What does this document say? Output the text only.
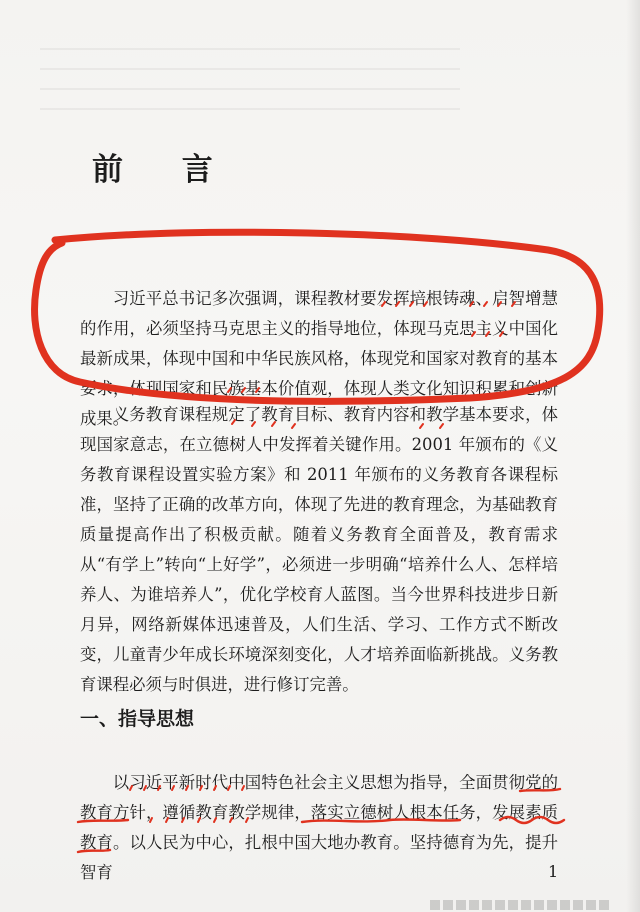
前 言

习近平总书记多次强调，课程教材要发挥培根铸魂、启智增慧的作用，必须坚持马克思主义的指导地位，体现马克思主义中国化最新成果，体现中国和中华民族风格，体现党和国家对教育的基本要求，体现国家和民族基本价值观，体现人类文化知识积累和创新成果。

义务教育课程规定了教育目标、教育内容和教学基本要求，体现国家意志，在立德树人中发挥着关键作用。2001 年颁布的《义务教育课程设置实验方案》和 2011 年颁布的义务教育各课程标准，坚持了正确的改革方向，体现了先进的教育理念，为基础教育质量提高作出了积极贡献。随着义务教育全面普及，教育需求从“有学上”转向“上好学”，必须进一步明确“培养什么人、怎样培养人、为谁培养人”，优化学校育人蓝图。当今世界科技进步日新月异，网络新媒体迅速普及，人们生活、学习、工作方式不断改变，儿童青少年成长环境深刻变化，人才培养面临新挑战。义务教育课程必须与时俱进，进行修订完善。

一、指导思想

以习近平新时代中国特色社会主义思想为指导，全面贯彻党的教育方针，遵循教育教学规律，落实立德树人根本任务，发展素质教育。以人民为中心，扎根中国大地办教育。坚持德育为先，提升智育	1
